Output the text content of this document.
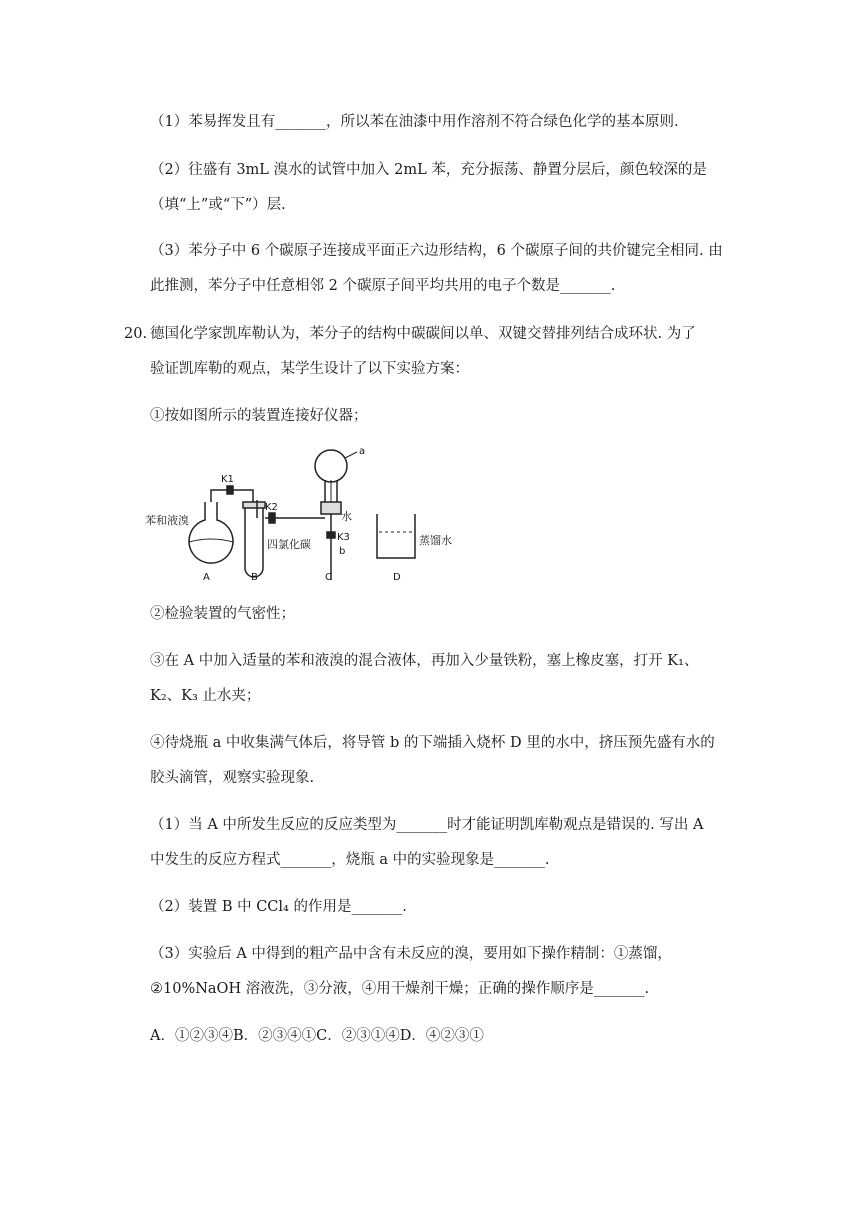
（1）苯易挥发且有_______，所以苯在油漆中用作溶剂不符合绿色化学的基本原则.
（2）往盛有 3mL 溴水的试管中加入 2mL 苯，充分振荡、静置分层后，颜色较深的是
（填“上”或“下”）层.
（3）苯分子中 6 个碳原子连接成平面正六边形结构，6 个碳原子间的共价键完全相同. 由
此推测，苯分子中任意相邻 2 个碳原子间平均共用的电子个数是_______.
20. 德国化学家凯库勒认为，苯分子的结构中碳碳间以单、双键交替排列结合成环状. 为了
验证凯库勒的观点，某学生设计了以下实验方案：
①按如图所示的装置连接好仪器；
苯和液溴
K1
K2
四氯化碳
水
K3
b
a
蒸馏水
A	B	C	D
②检验装置的气密性；
③在 A 中加入适量的苯和液溴的混合液体，再加入少量铁粉，塞上橡皮塞，打开 K₁、
K₂、K₃ 止水夹；
④待烧瓶 a 中收集满气体后，将导管 b 的下端插入烧杯 D 里的水中，挤压预先盛有水的
胶头滴管，观察实验现象.
（1）当 A 中所发生反应的反应类型为_______时才能证明凯库勒观点是错误的. 写出 A
中发生的反应方程式_______，烧瓶 a 中的实验现象是_______.
（2）装置 B 中 CCl₄ 的作用是_______.
（3）实验后 A 中得到的粗产品中含有未反应的溴，要用如下操作精制：①蒸馏，
②10%NaOH 溶液洗，③分液，④用干燥剂干燥；正确的操作顺序是_______.
A．①②③④B．②③④①C．②③①④D．④②③①
